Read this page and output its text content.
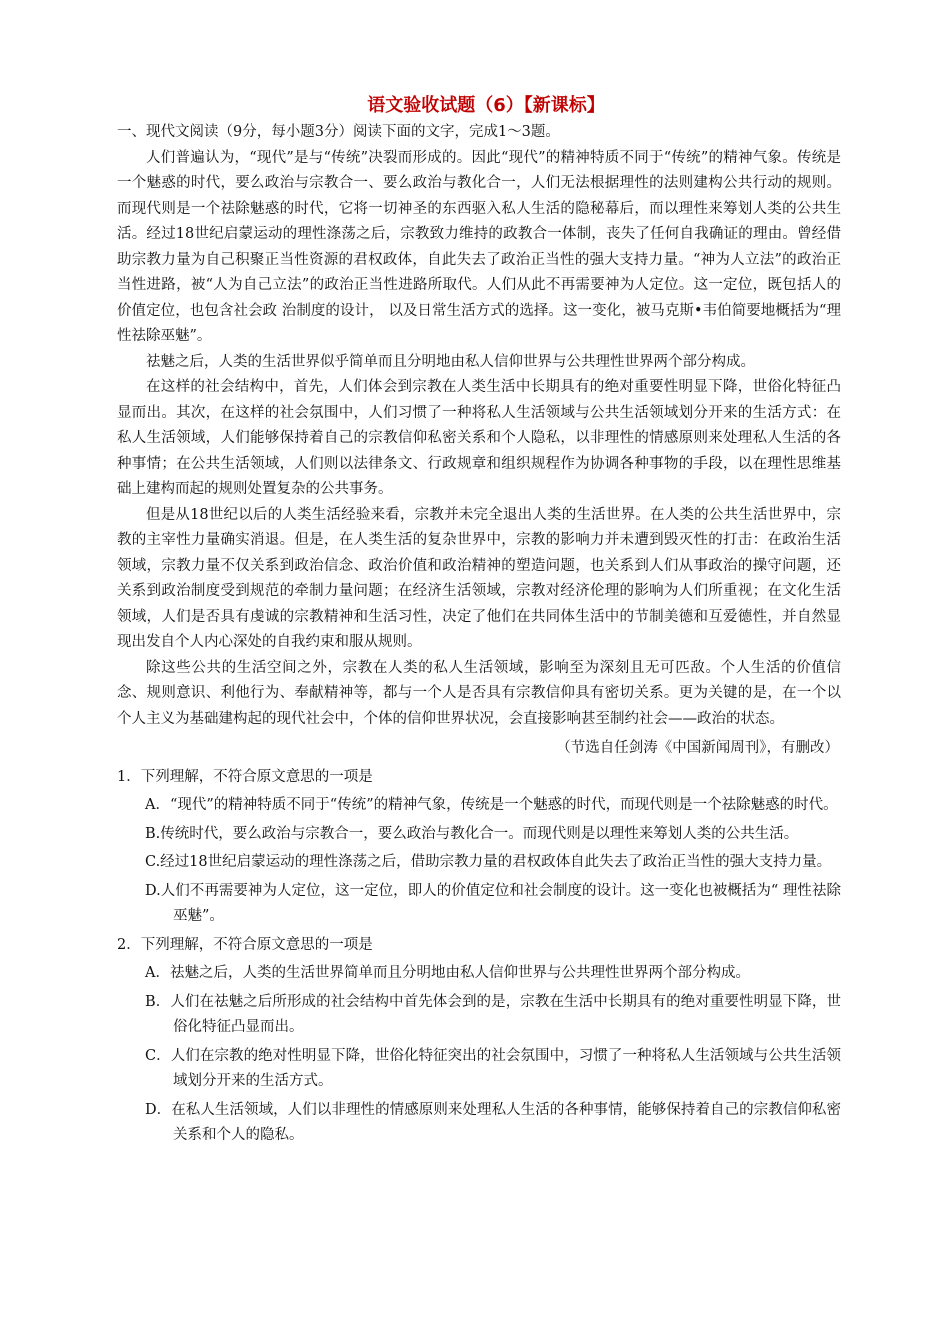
语文验收试题（6）【新课标】
一、现代文阅读（9分，每小题3分）阅读下面的文字，完成1～3题。

人们普遍认为，“现代”是与“传统”决裂而形成的。因此“现代”的精神特质不同于“传统”的精神气象。传统是一个魅惑的时代，要么政治与宗教合一、要么政治与教化合一，人们无法根据理性的法则建构公共行动的规则。而现代则是一个祛除魅惑的时代，它将一切神圣的东西驱入私人生活的隐秘幕后，而以理性来筹划人类的公共生活。经过18世纪启蒙运动的理性涤荡之后，宗教致力维持的政教合一体制，丧失了任何自我确证的理由。曾经借助宗教力量为自己积聚正当性资源的君权政体，自此失去了政治正当性的强大支持力量。“神为人立法”的政治正当性进路，被“人为自己立法”的政治正当性进路所取代。人们从此不再需要神为人定位。这一定位，既包括人的价值定位，也包含社会政 治制度的设计， 以及日常生活方式的选择。这一变化，被马克斯•韦伯简要地概括为“理性祛除巫魅”。

祛魅之后，人类的生活世界似乎简单而且分明地由私人信仰世界与公共理性世界两个部分构成。

在这样的社会结构中，首先，人们体会到宗教在人类生活中长期具有的绝对重要性明显下降，世俗化特征凸显而出。其次，在这样的社会氛围中，人们习惯了一种将私人生活领域与公共生活领域划分开来的生活方式：在私人生活领域，人们能够保持着自己的宗教信仰私密关系和个人隐私，以非理性的情感原则来处理私人生活的各种事情；在公共生活领域，人们则以法律条文、行政规章和组织规程作为协调各种事物的手段，以在理性思维基础上建构而起的规则处置复杂的公共事务。

但是从18世纪以后的人类生活经验来看，宗教并未完全退出人类的生活世界。在人类的公共生活世界中，宗教的主宰性力量确实消退。但是，在人类生活的复杂世界中，宗教的影响力并未遭到毁灭性的打击：在政治生活领域，宗教力量不仅关系到政治信念、政治价值和政治精神的塑造问题，也关系到人们从事政治的操守问题，还关系到政治制度受到规范的牵制力量问题；在经济生活领域，宗教对经济伦理的影响为人们所重视；在文化生活领域，人们是否具有虔诚的宗教精神和生活习性，决定了他们在共同体生活中的节制美德和互爱德性，并自然显现出发自个人内心深处的自我约束和服从规则。

除这些公共的生活空间之外，宗教在人类的私人生活领域，影响至为深刻且无可匹敌。个人生活的价值信念、规则意识、利他行为、奉献精神等，都与一个人是否具有宗教信仰具有密切关系。更为关键的是，在一个以个人主义为基础建构起的现代社会中，个体的信仰世界状况，会直接影响甚至制约社会——政治的状态。

（节选自任剑涛《中国新闻周刊》，有删改）
1．下列理解，不符合原文意思的一项是
A．“现代”的精神特质不同于“传统”的精神气象，传统是一个魅惑的时代，而现代则是一个祛除魅惑的时代。
B.传统时代，要么政治与宗教合一，要么政治与教化合一。而现代则是以理性来筹划人类的公共生活。
C.经过18世纪启蒙运动的理性涤荡之后，借助宗教力量的君权政体自此失去了政治正当性的强大支持力量。
D.人们不再需要神为人定位，这一定位，即人的价值定位和社会制度的设计。这一变化也被概括为“ 理性祛除巫魅”。
2．下列理解，不符合原文意思的一项是
A．祛魅之后，人类的生活世界简单而且分明地由私人信仰世界与公共理性世界两个部分构成。
B．人们在祛魅之后所形成的社会结构中首先体会到的是，宗教在生活中长期具有的绝对重要性明显下降，世俗化特征凸显而出。
C．人们在宗教的绝对性明显下降，世俗化特征突出的社会氛围中，习惯了一种将私人生活领域与公共生活领域划分开来的生活方式。
D．在私人生活领域，人们以非理性的情感原则来处理私人生活的各种事情，能够保持着自己的宗教信仰私密关系和个人的隐私。
